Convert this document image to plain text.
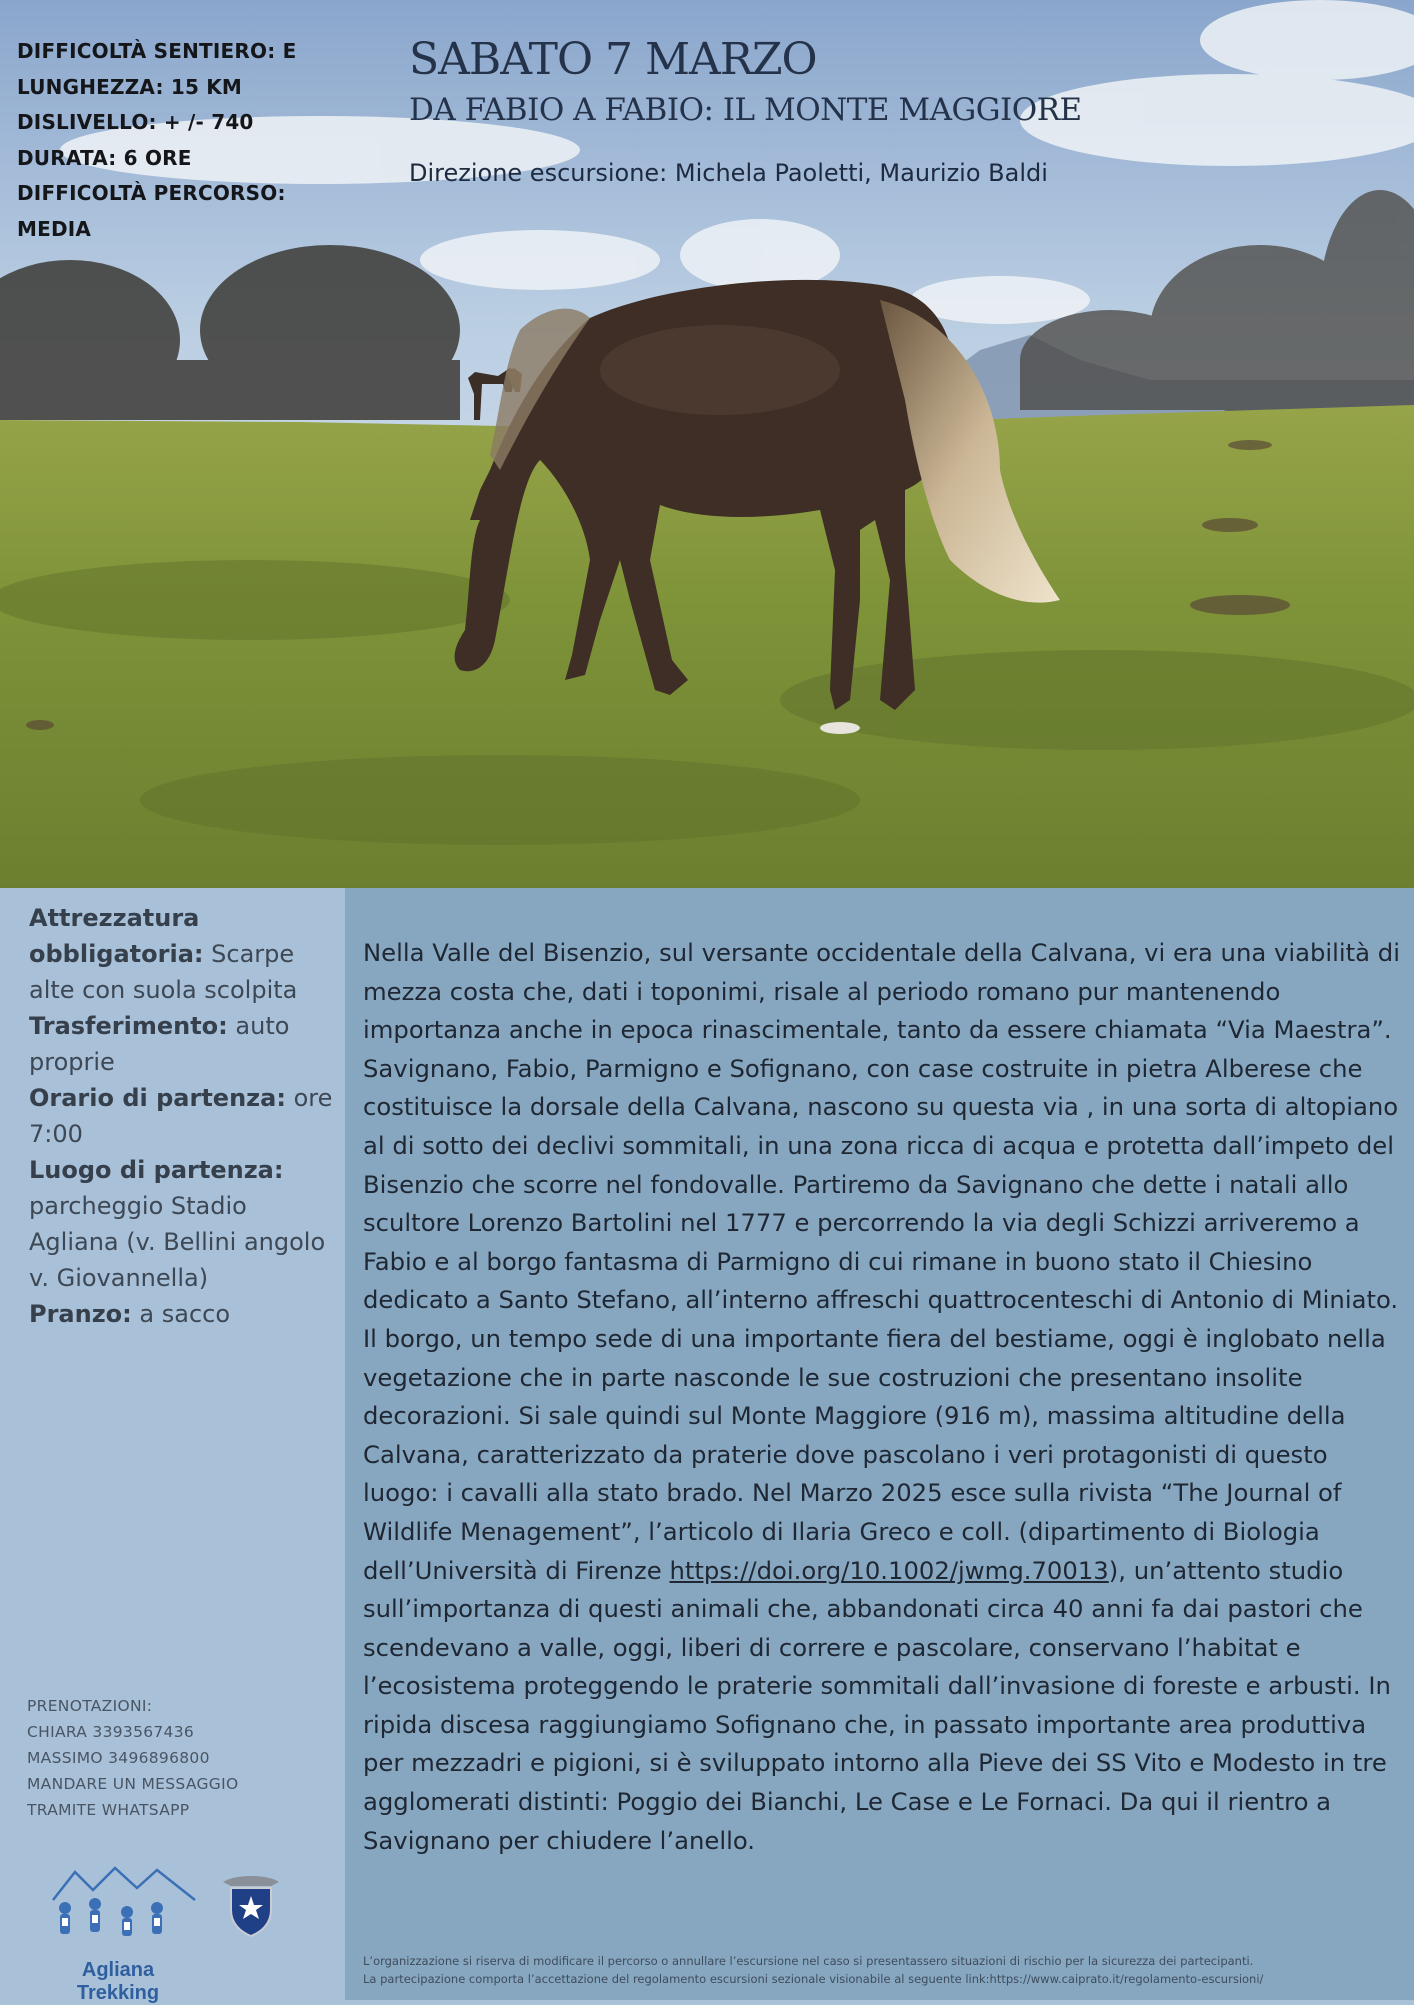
DIFFICOLTÀ SENTIERO: E
LUNGHEZZA: 15 KM
DISLIVELLO: + /- 740
DURATA: 6 ORE
DIFFICOLTÀ PERCORSO:
MEDIA
SABATO 7 MARZO
DA FABIO A FABIO: IL MONTE MAGGIORE
Direzione escursione: Michela Paoletti, Maurizio Baldi
Attrezzatura obbligatoria: Scarpe alte con suola scolpita
Trasferimento: auto proprie
Orario di partenza: ore 7:00
Luogo di partenza: parcheggio Stadio Agliana (v. Bellini angolo v. Giovannella)
Pranzo: a sacco
PRENOTAZIONI:
CHIARA 3393567436
MASSIMO 3496896800
MANDARE UN MESSAGGIO
TRAMITE WHATSAPP
Agliana Trekking
Nella Valle del Bisenzio, sul versante occidentale della Calvana, vi era una viabilità di mezza costa che, dati i toponimi, risale al periodo romano pur mantenendo importanza anche in epoca rinascimentale, tanto da essere chiamata “Via Maestra”. Savignano, Fabio, Parmigno e Sofignano, con case costruite in pietra Alberese che costituisce la dorsale della Calvana, nascono su questa via , in una sorta di altopiano al di sotto dei declivi sommitali, in una zona ricca di acqua e protetta dall’impeto del Bisenzio che scorre nel fondovalle. Partiremo da Savignano che dette i natali allo scultore Lorenzo Bartolini nel 1777 e percorrendo la via degli Schizzi arriveremo a Fabio e al borgo fantasma di Parmigno di cui rimane in buono stato il Chiesino dedicato a Santo Stefano, all’interno affreschi quattrocenteschi di Antonio di Miniato. Il borgo, un tempo sede di una importante fiera del bestiame, oggi è inglobato nella vegetazione che in parte nasconde le sue costruzioni che presentano insolite decorazioni. Si sale quindi sul Monte Maggiore (916 m), massima altitudine della Calvana, caratterizzato da praterie dove pascolano i veri protagonisti di questo luogo: i cavalli alla stato brado. Nel Marzo 2025 esce sulla rivista “The Journal of Wildlife Menagement”, l’articolo di Ilaria Greco e coll. (dipartimento di Biologia dell’Università di Firenze https://doi.org/10.1002/jwmg.70013), un’attento studio sull’importanza di questi animali che, abbandonati circa 40 anni fa dai pastori che scendevano a valle, oggi, liberi di correre e pascolare, conservano l’habitat e l’ecosistema proteggendo le praterie sommitali dall’invasione di foreste e arbusti. In ripida discesa raggiungiamo Sofignano che, in passato importante area produttiva per mezzadri e pigioni, si è sviluppato intorno alla Pieve dei SS Vito e Modesto in tre agglomerati distinti: Poggio dei Bianchi, Le Case e Le Fornaci. Da qui il rientro a Savignano per chiudere l’anello.
L’organizzazione si riserva di modificare il percorso o annullare l’escursione nel caso si presentassero situazioni di rischio per la sicurezza dei partecipanti.
La partecipazione comporta l’accettazione del regolamento escursioni sezionale visionabile al seguente link:https://www.caiprato.it/regolamento-escursioni/
